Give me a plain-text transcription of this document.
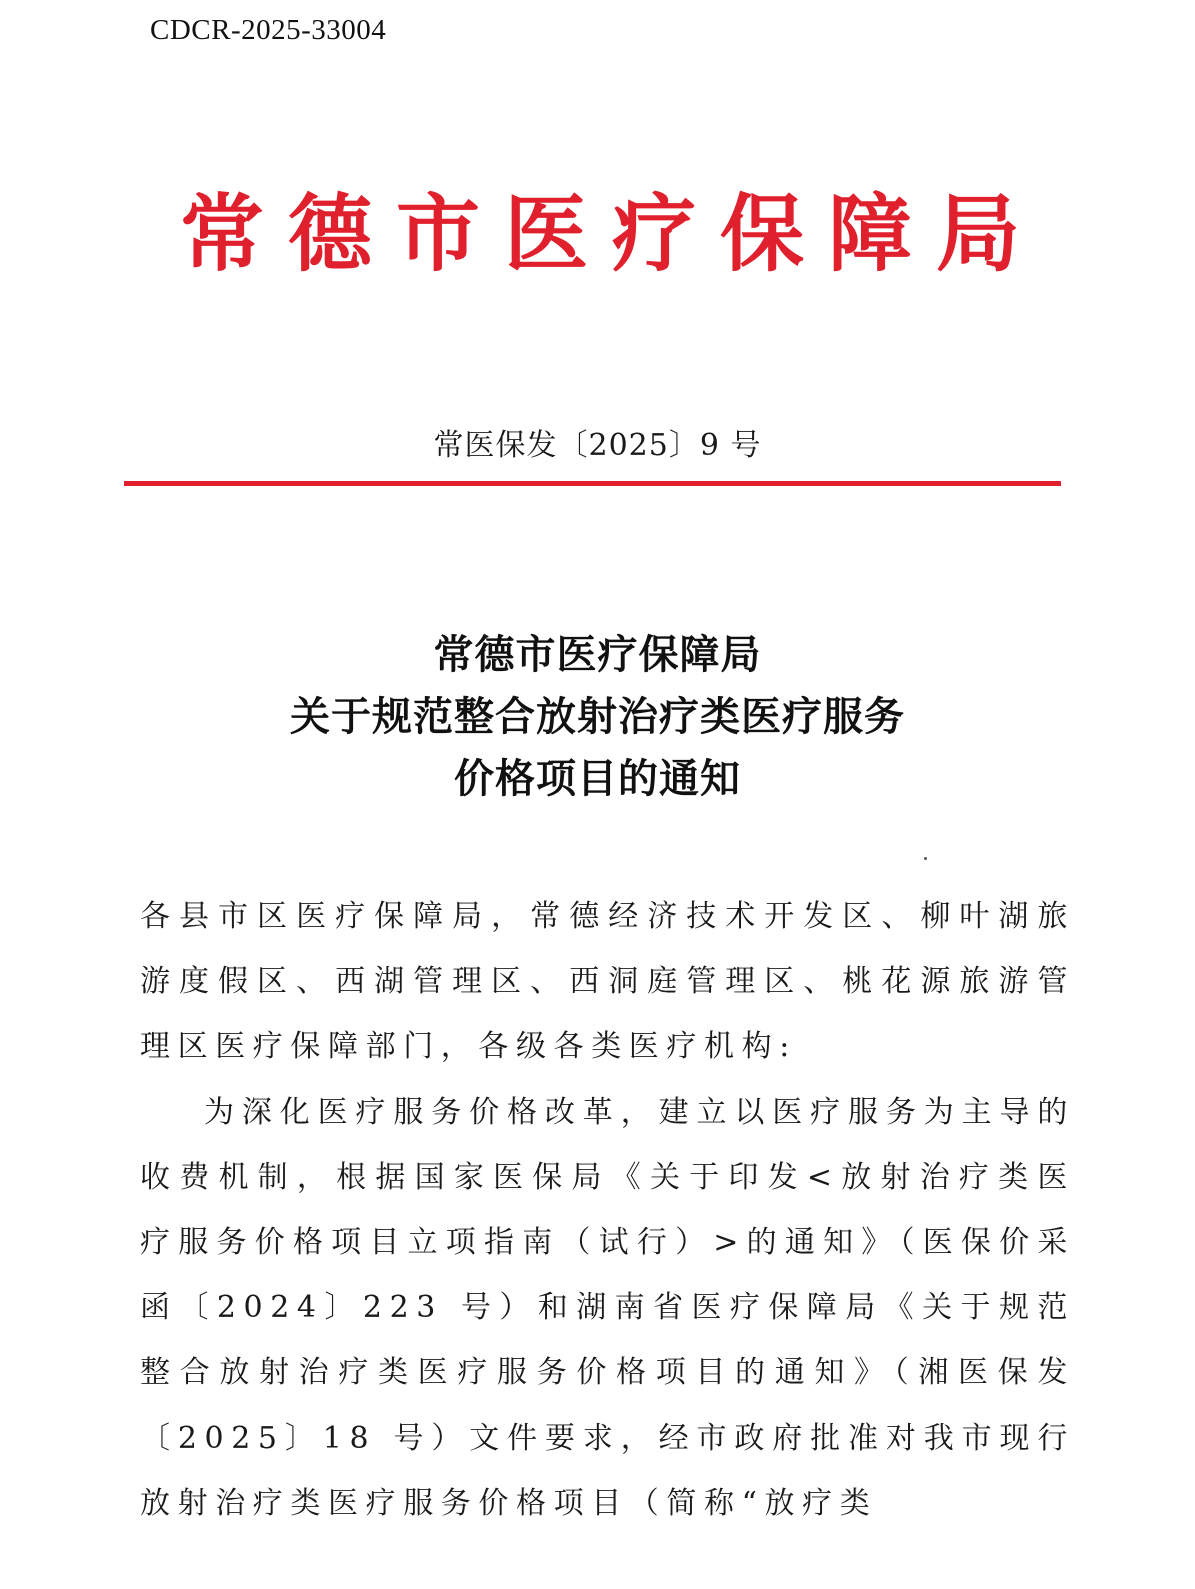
CDCR-2025-33004
常德市医疗保障局
常医保发〔2025〕9 号
常德市医疗保障局
关于规范整合放射治疗类医疗服务
价格项目的通知

各县市区医疗保障局，常德经济技术开发区、柳叶湖旅游度假区、西湖管理区、西洞庭管理区、桃花源旅游管理区医疗保障部门，各级各类医疗机构:

为深化医疗服务价格改革，建立以医疗服务为主导的收费机制，根据国家医保局《关于印发<放射治疗类医疗服务价格项目立项指南（试行）>的通知》（医保价采函〔2024〕223 号）和湖南省医疗保障局《关于规范整合放射治疗类医疗服务价格项目的通知》（湘医保发〔2025〕18 号）文件要求，经市政府批准对我市现行放射治疗类医疗服务价格项目（简称“放疗类
